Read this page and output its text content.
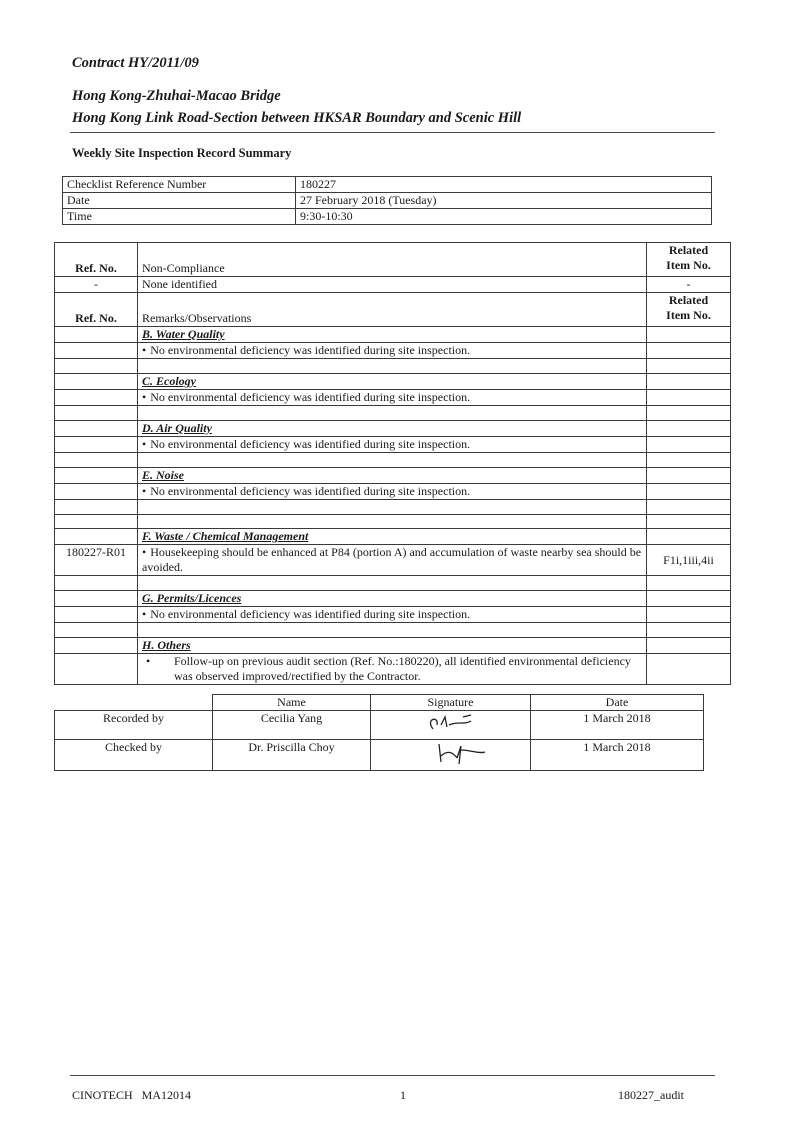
Contract HY/2011/09
Hong Kong-Zhuhai-Macao Bridge
Hong Kong Link Road-Section between HKSAR Boundary and Scenic Hill
Weekly Site Inspection Record Summary
Checklist Reference Number	180227
Date	27 February 2018 (Tuesday)
Time	9:30-10:30
Ref. No.	Non-Compliance	Related
Item No.

-	None identified	-
Ref. No.	Remarks/Observations	Related
Item No.

	B. Water Quality	
	• No environmental deficiency was identified during site inspection.	

	C. Ecology	
	• No environmental deficiency was identified during site inspection.	

	D. Air Quality	
	• No environmental deficiency was identified during site inspection.	

	E. Noise	
	• No environmental deficiency was identified during site inspection.	

	F. Waste / Chemical Management	
180227-R01	• Housekeeping should be enhanced at P84 (portion A) and accumulation of waste nearby sea should be avoided.	F1i,1iii,4ii

	G. Permits/Licences	
	• No environmental deficiency was identified during site inspection.	

	H. Others	
	• Follow-up on previous audit section (Ref. No.:180220), all identified environmental deficiency was observed improved/rectified by the Contractor.	
	Name	Signature	Date
Recorded by	Cecilia Yang		1 March 2018
Checked by	Dr. Priscilla Choy		1 March 2018
CINOTECH   MA12014	1	180227_audit
